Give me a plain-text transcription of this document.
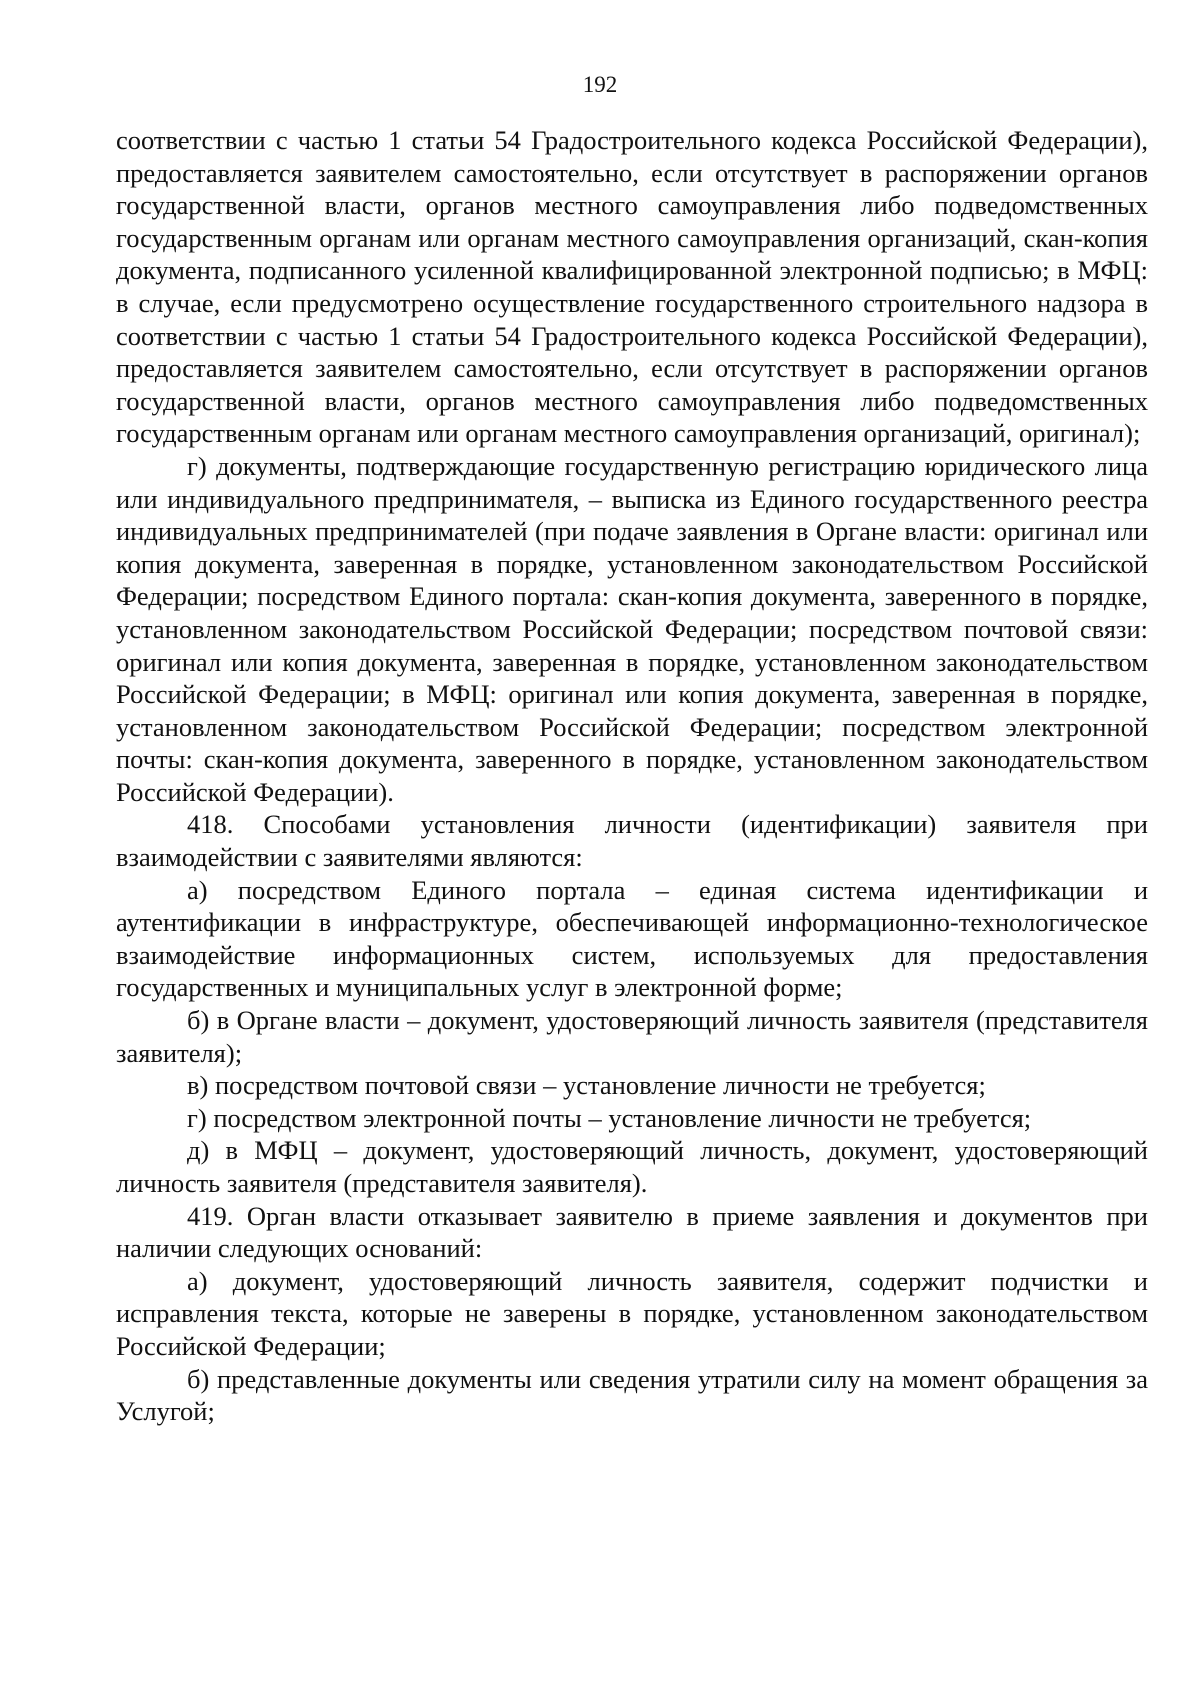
192

соответствии с частью 1 статьи 54 Градостроительного кодекса Российской Федерации), предоставляется заявителем самостоятельно, если отсутствует в распоряжении органов государственной власти, органов местного самоуправления либо подведомственных государственным органам или органам местного самоуправления организаций, скан-копия документа, подписанного усиленной квалифицированной электронной подписью; в МФЦ: в случае, если предусмотрено осуществление государственного строительного надзора в соответствии с частью 1 статьи 54 Градостроительного кодекса Российской Федерации), предоставляется заявителем самостоятельно, если отсутствует в распоряжении органов государственной власти, органов местного самоуправления либо подведомственных государственным органам или органам местного самоуправления организаций, оригинал);

г) документы, подтверждающие государственную регистрацию юридического лица или индивидуального предпринимателя, – выписка из Единого государственного реестра индивидуальных предпринимателей (при подаче заявления в Органе власти: оригинал или копия документа, заверенная в порядке, установленном законодательством Российской Федерации; посредством Единого портала: скан-копия документа, заверенного в порядке, установленном законодательством Российской Федерации; посредством почтовой связи: оригинал или копия документа, заверенная в порядке, установленном законодательством Российской Федерации; в МФЦ: оригинал или копия документа, заверенная в порядке, установленном законодательством Российской Федерации; посредством электронной почты: скан-копия документа, заверенного в порядке, установленном законодательством Российской Федерации).

418. Способами установления личности (идентификации) заявителя при взаимодействии с заявителями являются:

а) посредством Единого портала – единая система идентификации и аутентификации в инфраструктуре, обеспечивающей информационно-технологическое взаимодействие информационных систем, используемых для предоставления государственных и муниципальных услуг в электронной форме;

б) в Органе власти – документ, удостоверяющий личность заявителя (представителя заявителя);

в) посредством почтовой связи – установление личности не требуется;

г) посредством электронной почты – установление личности не требуется;

д) в МФЦ – документ, удостоверяющий личность, документ, удостоверяющий личность заявителя (представителя заявителя).

419. Орган власти отказывает заявителю в приеме заявления и документов при наличии следующих оснований:

а) документ, удостоверяющий личность заявителя, содержит подчистки и исправления текста, которые не заверены в порядке, установленном законодательством Российской Федерации;

б) представленные документы или сведения утратили силу на момент обращения за Услугой;
